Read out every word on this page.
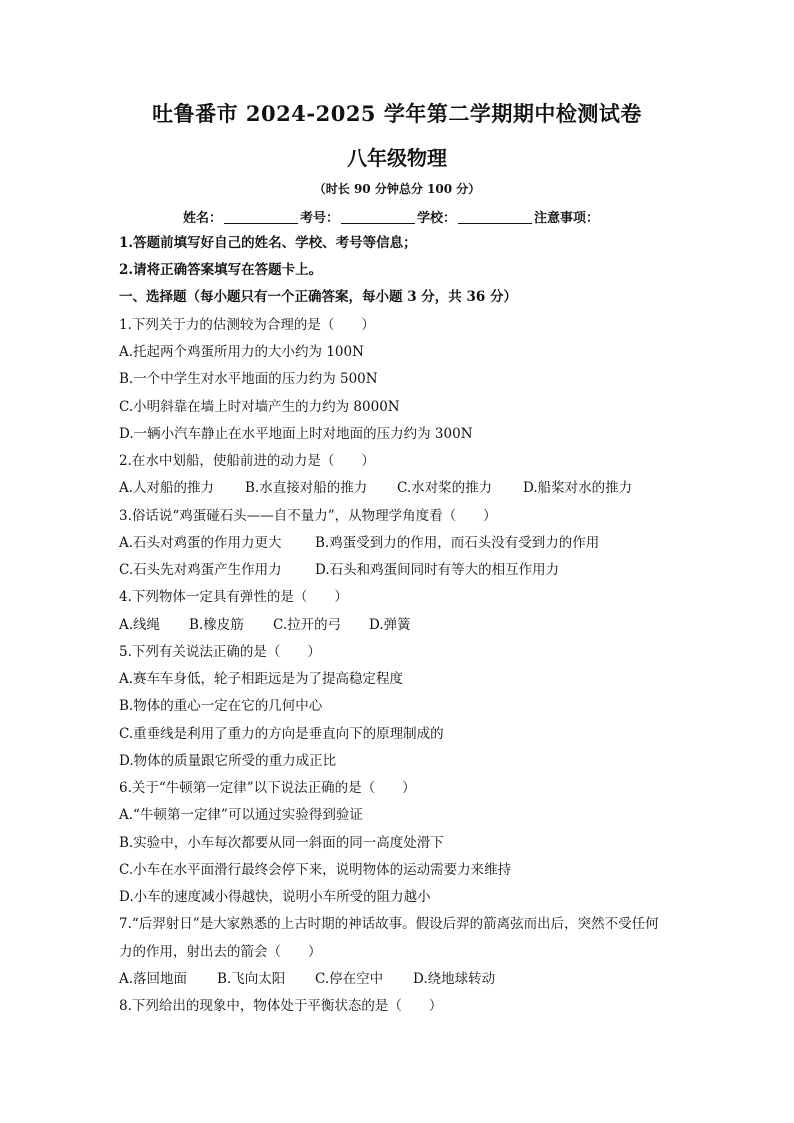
吐鲁番市 2024-2025 学年第二学期期中检测试卷
八年级物理
（时长 90 分钟总分 100 分）
姓名：	考号：	学校：	注意事项：
1.答题前填写好自己的姓名、学校、考号等信息；
2.请将正确答案填写在答题卡上。
一、选择题（每小题只有一个正确答案，每小题 3 分，共 36 分）
1.下列关于力的估测较为合理的是（　　）
A.托起两个鸡蛋所用力的大小约为 100N
B.一个中学生对水平地面的压力约为 500N
C.小明斜靠在墙上时对墙产生的力约为 8000N
D.一辆小汽车静止在水平地面上时对地面的压力约为 300N
2.在水中划船，使船前进的动力是（　　）
A.人对船的推力 B.水直接对船的推力 C.水对桨的推力 D.船桨对水的推力
3.俗话说“鸡蛋碰石头——自不量力”，从物理学角度看（　　）
A.石头对鸡蛋的作用力更大 B.鸡蛋受到力的作用，而石头没有受到力的作用
C.石头先对鸡蛋产生作用力 D.石头和鸡蛋间同时有等大的相互作用力
4.下列物体一定具有弹性的是（　　）
A.线绳 B.橡皮筋 C.拉开的弓 D.弹簧
5.下列有关说法正确的是（　　）
A.赛车车身低，轮子相距远是为了提高稳定程度
B.物体的重心一定在它的几何中心
C.重垂线是利用了重力的方向是垂直向下的原理制成的
D.物体的质量跟它所受的重力成正比
6.关于“牛顿第一定律”以下说法正确的是（　　）
A.“牛顿第一定律”可以通过实验得到验证
B.实验中，小车每次都要从同一斜面的同一高度处滑下
C.小车在水平面滑行最终会停下来，说明物体的运动需要力来维持
D.小车的速度减小得越快，说明小车所受的阻力越小
7.“后羿射日”是大家熟悉的上古时期的神话故事。假设后羿的箭离弦而出后，突然不受任何
力的作用，射出去的箭会（　　）
A.落回地面 B.飞向太阳 C.停在空中 D.绕地球转动
8.下列给出的现象中，物体处于平衡状态的是（　　）
